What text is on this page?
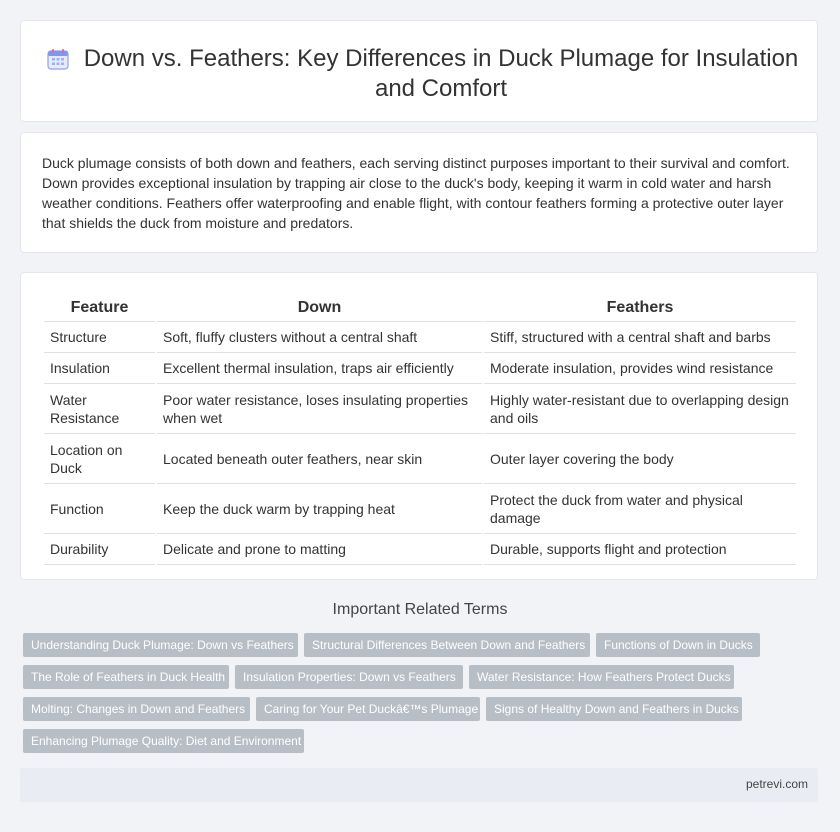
Down vs. Feathers: Key Differences in Duck Plumage for Insulation and Comfort

Duck plumage consists of both down and feathers, each serving distinct purposes important to their survival and comfort. Down provides exceptional insulation by trapping air close to the duck's body, keeping it warm in cold water and harsh weather conditions. Feathers offer waterproofing and enable flight, with contour feathers forming a protective outer layer that shields the duck from moisture and predators.

Feature	Down	Feathers
Structure	Soft, fluffy clusters without a central shaft	Stiff, structured with a central shaft and barbs
Insulation	Excellent thermal insulation, traps air efficiently	Moderate insulation, provides wind resistance
Water Resistance	Poor water resistance, loses insulating properties when wet	Highly water-resistant due to overlapping design and oils
Location on Duck	Located beneath outer feathers, near skin	Outer layer covering the body
Function	Keep the duck warm by trapping heat	Protect the duck from water and physical damage
Durability	Delicate and prone to matting	Durable, supports flight and protection
Important Related Terms
Understanding Duck Plumage: Down vs Feathers	Structural Differences Between Down and Feathers	Functions of Down in Ducks
The Role of Feathers in Duck Health	Insulation Properties: Down vs Feathers	Water Resistance: How Feathers Protect Ducks
Molting: Changes in Down and Feathers	Caring for Your Pet Duckâ€™s Plumage	Signs of Healthy Down and Feathers in Ducks
Enhancing Plumage Quality: Diet and Environment
petrevi.com
